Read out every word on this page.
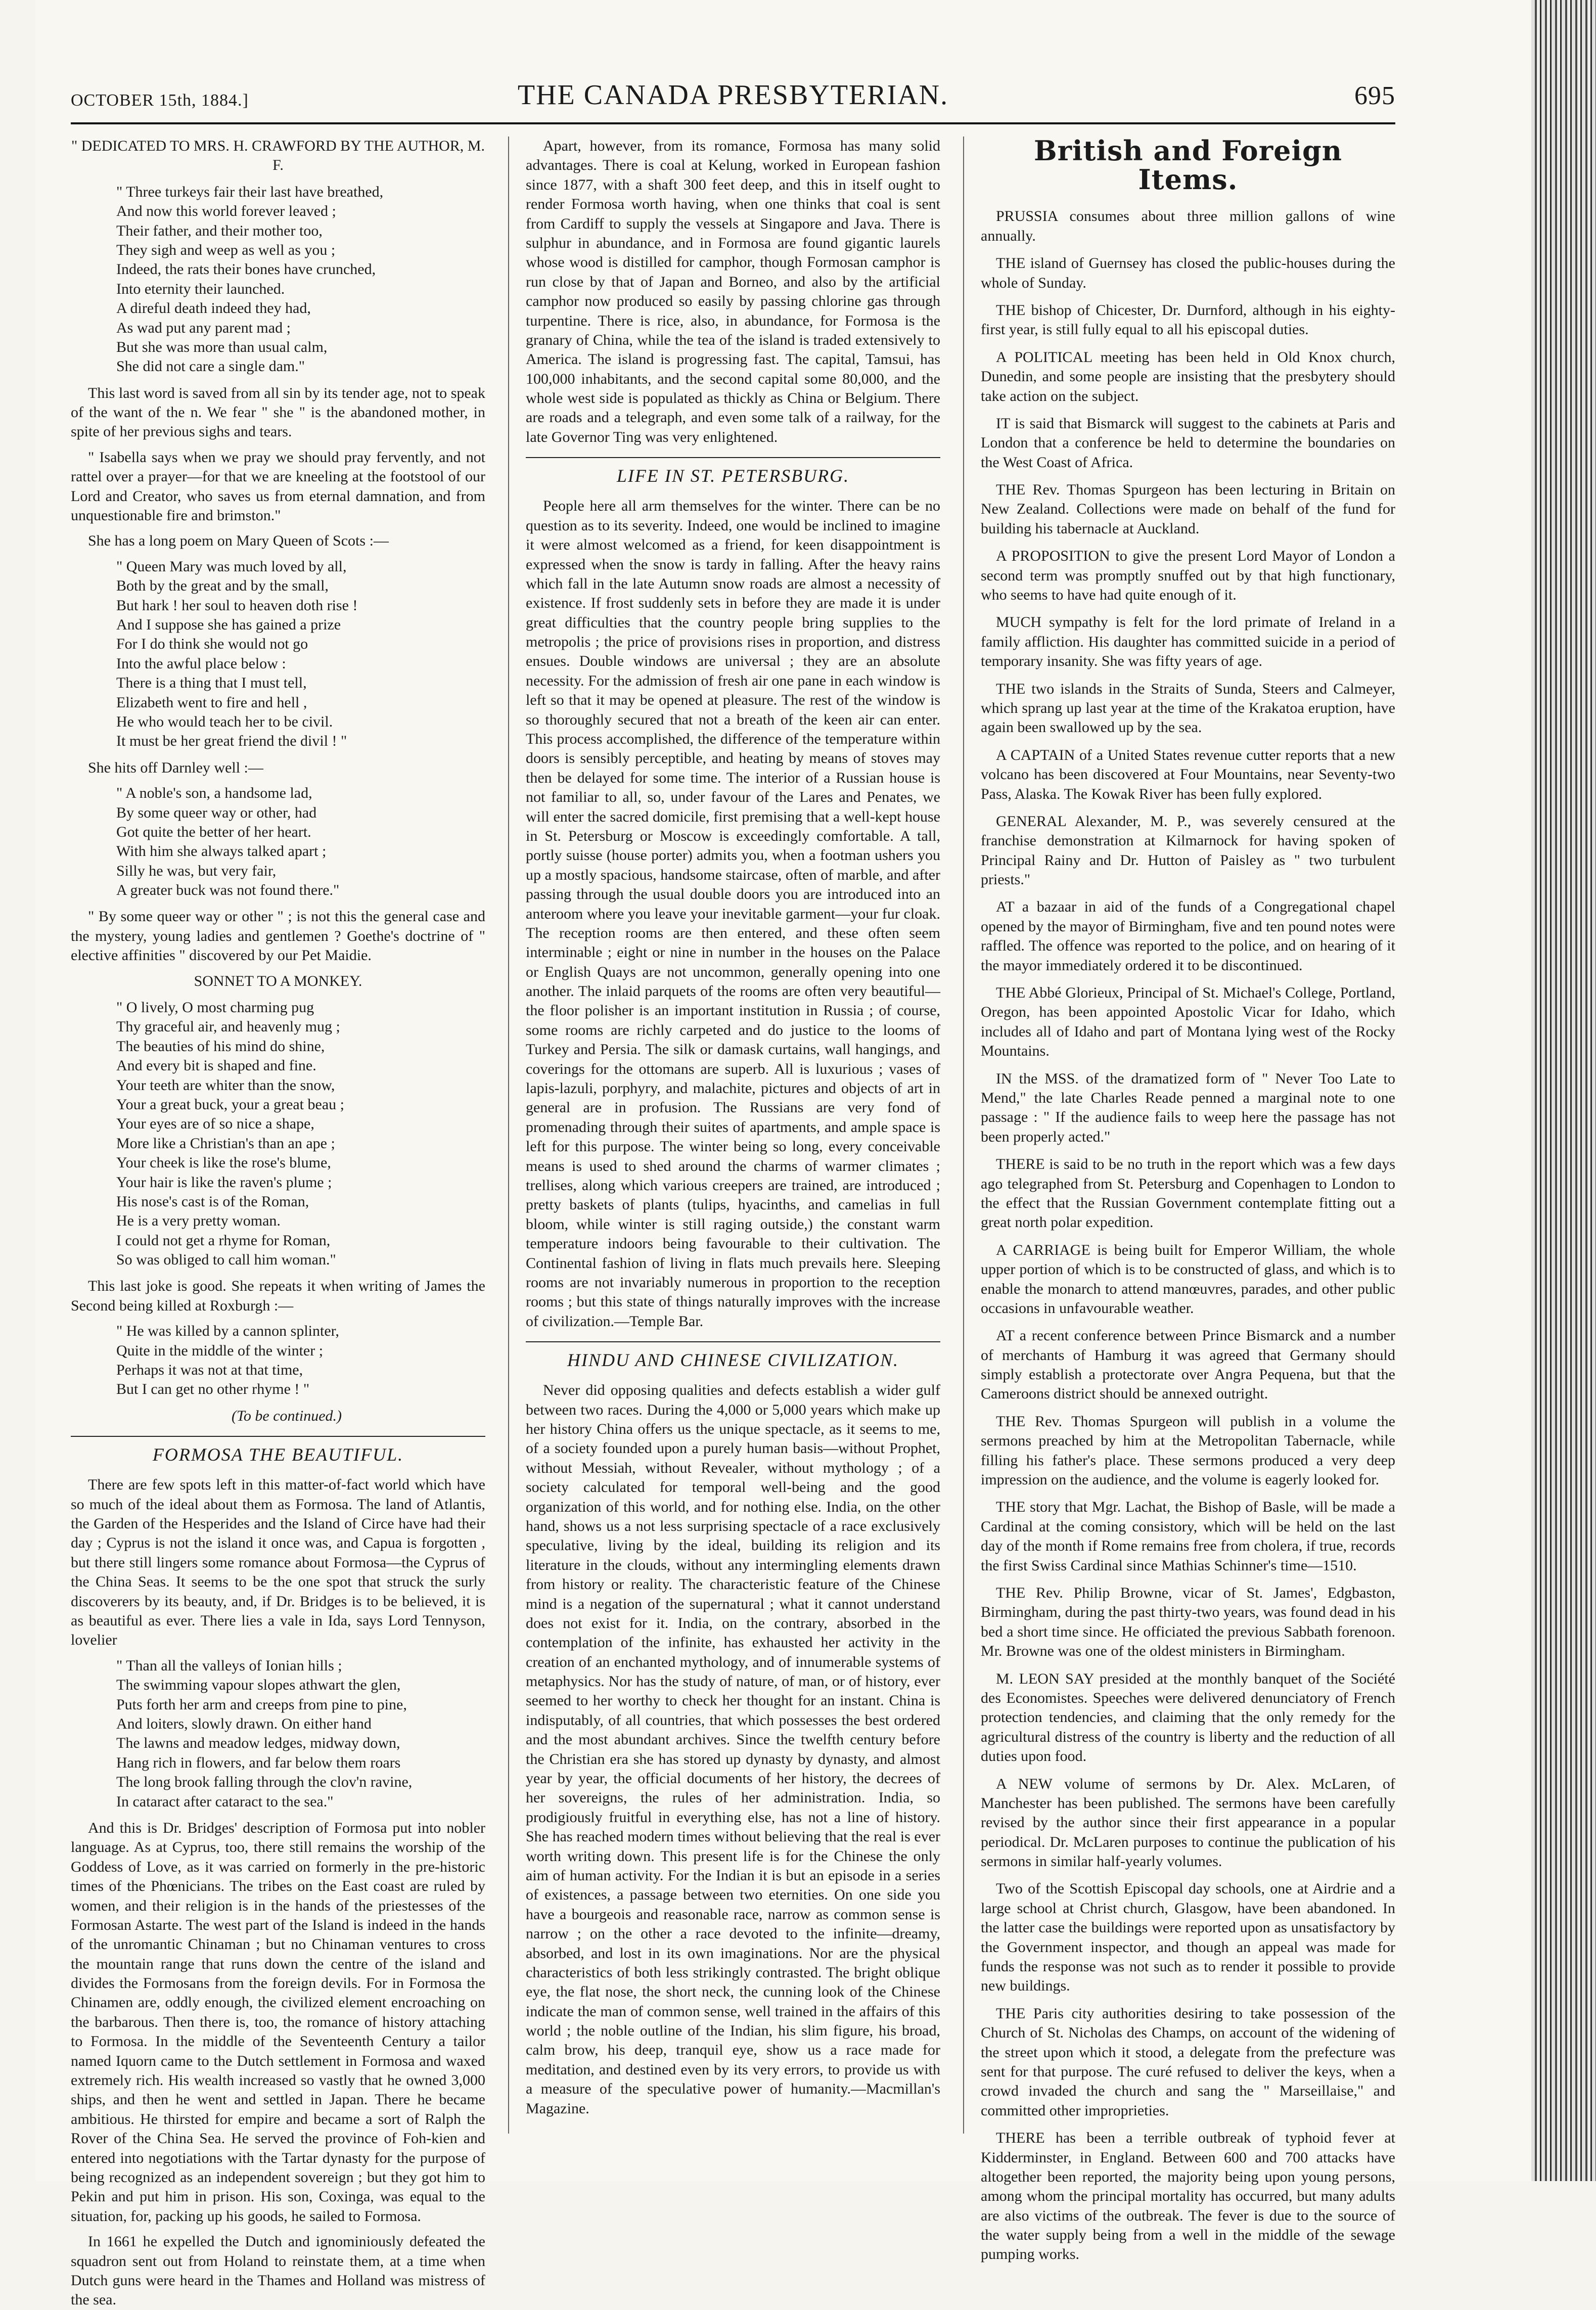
OCTOBER 15th, 1884.]	THE CANADA PRESBYTERIAN.	695

" DEDICATED TO MRS. H. CRAWFORD BY THE AUTHOR, M. F.

" Three turkeys fair their last have breathed,
And now this world forever leaved ;
Their father, and their mother too,
They sigh and weep as well as you ;
Indeed, the rats their bones have crunched,
Into eternity their launched.
A direful death indeed they had,
As wad put any parent mad ;
But she was more than usual calm,
She did not care a single dam."

This last word is saved from all sin by its tender age, not to speak of the want of the n. We fear " she " is the abandoned mother, in spite of her previous sighs and tears.

" Isabella says when we pray we should pray fervently, and not rattel over a prayer—for that we are kneeling at the footstool of our Lord and Creator, who saves us from eternal damnation, and from unquestionable fire and brimston."

She has a long poem on Mary Queen of Scots :—

" Queen Mary was much loved by all,
Both by the great and by the small,
But hark ! her soul to heaven doth rise !
And I suppose she has gained a prize
For I do think she would not go
Into the awful place below :
There is a thing that I must tell,
Elizabeth went to fire and hell ,
He who would teach her to be civil.
It must be her great friend the divil ! "

She hits off Darnley well :—

" A noble's son, a handsome lad,
By some queer way or other, had
Got quite the better of her heart.
With him she always talked apart ;
Silly he was, but very fair,
A greater buck was not found there."

" By some queer way or other " ; is not this the general case and the mystery, young ladies and gentlemen ? Goethe's doctrine of " elective affinities " discovered by our Pet Maidie.

SONNET TO A MONKEY.

" O lively, O most charming pug
Thy graceful air, and heavenly mug ;
The beauties of his mind do shine,
And every bit is shaped and fine.
Your teeth are whiter than the snow,
Your a great buck, your a great beau ;
Your eyes are of so nice a shape,
More like a Christian's than an ape ;
Your cheek is like the rose's blume,
Your hair is like the raven's plume ;
His nose's cast is of the Roman,
He is a very pretty woman.
I could not get a rhyme for Roman,
So was obliged to call him woman."

This last joke is good. She repeats it when writing of James the Second being killed at Roxburgh :—

" He was killed by a cannon splinter,
Quite in the middle of the winter ;
Perhaps it was not at that time,
But I can get no other rhyme ! "

(To be continued.)

FORMOSA THE BEAUTIFUL.

There are few spots left in this matter-of-fact world which have so much of the ideal about them as Formosa. The land of Atlantis, the Garden of the Hesperides and the Island of Circe have had their day ; Cyprus is not the island it once was, and Capua is forgotten , but there still lingers some romance about Formosa—the Cyprus of the China Seas. It seems to be the one spot that struck the surly discoverers by its beauty, and, if Dr. Bridges is to be believed, it is as beautiful as ever. There lies a vale in Ida, says Lord Tennyson, lovelier

" Than all the valleys of Ionian hills ;
The swimming vapour slopes athwart the glen,
Puts forth her arm and creeps from pine to pine,
And loiters, slowly drawn. On either hand
The lawns and meadow ledges, midway down,
Hang rich in flowers, and far below them roars
The long brook falling through the clov'n ravine,
In cataract after cataract to the sea."

And this is Dr. Bridges' description of Formosa put into nobler language. As at Cyprus, too, there still remains the worship of the Goddess of Love, as it was carried on formerly in the pre-historic times of the Phœnicians. The tribes on the East coast are ruled by women, and their religion is in the hands of the priestesses of the Formosan Astarte. The west part of the Island is indeed in the hands of the unromantic Chinaman ; but no Chinaman ventures to cross the mountain range that runs down the centre of the island and divides the Formosans from the foreign devils. For in Formosa the Chinamen are, oddly enough, the civilized element encroaching on the barbarous. Then there is, too, the romance of history attaching to Formosa. In the middle of the Seventeenth Century a tailor named Iquorn came to the Dutch settlement in Formosa and waxed extremely rich. His wealth increased so vastly that he owned 3,000 ships, and then he went and settled in Japan. There he became ambitious. He thirsted for empire and became a sort of Ralph the Rover of the China Sea. He served the province of Foh-kien and entered into negotiations with the Tartar dynasty for the purpose of being recognized as an independent sovereign ; but they got him to Pekin and put him in prison. His son, Coxinga, was equal to the situation, for, packing up his goods, he sailed to Formosa.

In 1661 he expelled the Dutch and ignominiously defeated the squadron sent out from Holand to reinstate them, at a time when Dutch guns were heard in the Thames and Holland was mistress of the sea.

Apart, however, from its romance, Formosa has many solid advantages. There is coal at Kelung, worked in European fashion since 1877, with a shaft 300 feet deep, and this in itself ought to render Formosa worth having, when one thinks that coal is sent from Cardiff to supply the vessels at Singapore and Java. There is sulphur in abundance, and in Formosa are found gigantic laurels whose wood is distilled for camphor, though Formosan camphor is run close by that of Japan and Borneo, and also by the artificial camphor now produced so easily by passing chlorine gas through turpentine. There is rice, also, in abundance, for Formosa is the granary of China, while the tea of the island is traded extensively to America. The island is progressing fast. The capital, Tamsui, has 100,000 inhabitants, and the second capital some 80,000, and the whole west side is populated as thickly as China or Belgium. There are roads and a telegraph, and even some talk of a railway, for the late Governor Ting was very enlightened.

LIFE IN ST. PETERSBURG.

People here all arm themselves for the winter. There can be no question as to its severity. Indeed, one would be inclined to imagine it were almost welcomed as a friend, for keen disappointment is expressed when the snow is tardy in falling. After the heavy rains which fall in the late Autumn snow roads are almost a necessity of existence. If frost suddenly sets in before they are made it is under great difficulties that the country people bring supplies to the metropolis ; the price of provisions rises in proportion, and distress ensues. Double windows are universal ; they are an absolute necessity. For the admission of fresh air one pane in each window is left so that it may be opened at pleasure. The rest of the window is so thoroughly secured that not a breath of the keen air can enter. This process accomplished, the difference of the temperature within doors is sensibly perceptible, and heating by means of stoves may then be delayed for some time. The interior of a Russian house is not familiar to all, so, under favour of the Lares and Penates, we will enter the sacred domicile, first premising that a well-kept house in St. Petersburg or Moscow is exceedingly comfortable. A tall, portly suisse (house porter) admits you, when a footman ushers you up a mostly spacious, handsome staircase, often of marble, and after passing through the usual double doors you are introduced into an anteroom where you leave your inevitable garment—your fur cloak. The reception rooms are then entered, and these often seem interminable ; eight or nine in number in the houses on the Palace or English Quays are not uncommon, generally opening into one another. The inlaid parquets of the rooms are often very beautiful—the floor polisher is an important institution in Russia ; of course, some rooms are richly carpeted and do justice to the looms of Turkey and Persia. The silk or damask curtains, wall hangings, and coverings for the ottomans are superb. All is luxurious ; vases of lapis-lazuli, porphyry, and malachite, pictures and objects of art in general are in profusion. The Russians are very fond of promenading through their suites of apartments, and ample space is left for this purpose. The winter being so long, every conceivable means is used to shed around the charms of warmer climates ; trellises, along which various creepers are trained, are introduced ; pretty baskets of plants (tulips, hyacinths, and camelias in full bloom, while winter is still raging outside,) the constant warm temperature indoors being favourable to their cultivation. The Continental fashion of living in flats much prevails here. Sleeping rooms are not invariably numerous in proportion to the reception rooms ; but this state of things naturally improves with the increase of civilization.—Temple Bar.

HINDU AND CHINESE CIVILIZATION.

Never did opposing qualities and defects establish a wider gulf between two races. During the 4,000 or 5,000 years which make up her history China offers us the unique spectacle, as it seems to me, of a society founded upon a purely human basis—without Prophet, without Messiah, without Revealer, without mythology ; of a society calculated for temporal well-being and the good organization of this world, and for nothing else. India, on the other hand, shows us a not less surprising spectacle of a race exclusively speculative, living by the ideal, building its religion and its literature in the clouds, without any intermingling elements drawn from history or reality. The characteristic feature of the Chinese mind is a negation of the supernatural ; what it cannot understand does not exist for it. India, on the contrary, absorbed in the contemplation of the infinite, has exhausted her activity in the creation of an enchanted mythology, and of innumerable systems of metaphysics. Nor has the study of nature, of man, or of history, ever seemed to her worthy to check her thought for an instant. China is indisputably, of all countries, that which possesses the best ordered and the most abundant archives. Since the twelfth century before the Christian era she has stored up dynasty by dynasty, and almost year by year, the official documents of her history, the decrees of her sovereigns, the rules of her administration. India, so prodigiously fruitful in everything else, has not a line of history. She has reached modern times without believing that the real is ever worth writing down. This present life is for the Chinese the only aim of human activity. For the Indian it is but an episode in a series of existences, a passage between two eternities. On one side you have a bourgeois and reasonable race, narrow as common sense is narrow ; on the other a race devoted to the infinite—dreamy, absorbed, and lost in its own imaginations. Nor are the physical characteristics of both less strikingly contrasted. The bright oblique eye, the flat nose, the short neck, the cunning look of the Chinese indicate the man of common sense, well trained in the affairs of this world ; the noble outline of the Indian, his slim figure, his broad, calm brow, his deep, tranquil eye, show us a race made for meditation, and destined even by its very errors, to provide us with a measure of the speculative power of humanity.—Macmillan's Magazine.

British and Foreign Items.

PRUSSIA consumes about three million gallons of wine annually.

THE island of Guernsey has closed the public-houses during the whole of Sunday.

THE bishop of Chicester, Dr. Durnford, although in his eighty-first year, is still fully equal to all his episcopal duties.

A POLITICAL meeting has been held in Old Knox church, Dunedin, and some people are insisting that the presbytery should take action on the subject.

IT is said that Bismarck will suggest to the cabinets at Paris and London that a conference be held to determine the boundaries on the West Coast of Africa.

THE Rev. Thomas Spurgeon has been lecturing in Britain on New Zealand. Collections were made on behalf of the fund for building his tabernacle at Auckland.

A PROPOSITION to give the present Lord Mayor of London a second term was promptly snuffed out by that high functionary, who seems to have had quite enough of it.

MUCH sympathy is felt for the lord primate of Ireland in a family affliction. His daughter has committed suicide in a period of temporary insanity. She was fifty years of age.

THE two islands in the Straits of Sunda, Steers and Calmeyer, which sprang up last year at the time of the Krakatoa eruption, have again been swallowed up by the sea.

A CAPTAIN of a United States revenue cutter reports that a new volcano has been discovered at Four Mountains, near Seventy-two Pass, Alaska. The Kowak River has been fully explored.

GENERAL Alexander, M. P., was severely censured at the franchise demonstration at Kilmarnock for having spoken of Principal Rainy and Dr. Hutton of Paisley as " two turbulent priests."

AT a bazaar in aid of the funds of a Congregational chapel opened by the mayor of Birmingham, five and ten pound notes were raffled. The offence was reported to the police, and on hearing of it the mayor immediately ordered it to be discontinued.

THE Abbé Glorieux, Principal of St. Michael's College, Portland, Oregon, has been appointed Apostolic Vicar for Idaho, which includes all of Idaho and part of Montana lying west of the Rocky Mountains.

IN the MSS. of the dramatized form of " Never Too Late to Mend," the late Charles Reade penned a marginal note to one passage : " If the audience fails to weep here the passage has not been properly acted."

THERE is said to be no truth in the report which was a few days ago telegraphed from St. Petersburg and Copenhagen to London to the effect that the Russian Government contemplate fitting out a great north polar expedition.

A CARRIAGE is being built for Emperor William, the whole upper portion of which is to be constructed of glass, and which is to enable the monarch to attend manœuvres, parades, and other public occasions in unfavourable weather.

AT a recent conference between Prince Bismarck and a number of merchants of Hamburg it was agreed that Germany should simply establish a protectorate over Angra Pequena, but that the Cameroons district should be annexed outright.

THE Rev. Thomas Spurgeon will publish in a volume the sermons preached by him at the Metropolitan Tabernacle, while filling his father's place. These sermons produced a very deep impression on the audience, and the volume is eagerly looked for.

THE story that Mgr. Lachat, the Bishop of Basle, will be made a Cardinal at the coming consistory, which will be held on the last day of the month if Rome remains free from cholera, if true, records the first Swiss Cardinal since Mathias Schinner's time—1510.

THE Rev. Philip Browne, vicar of St. James', Edgbaston, Birmingham, during the past thirty-two years, was found dead in his bed a short time since. He officiated the previous Sabbath forenoon. Mr. Browne was one of the oldest ministers in Birmingham.

M. LEON SAY presided at the monthly banquet of the Société des Economistes. Speeches were delivered denunciatory of French protection tendencies, and claiming that the only remedy for the agricultural distress of the country is liberty and the reduction of all duties upon food.

A NEW volume of sermons by Dr. Alex. McLaren, of Manchester has been published. The sermons have been carefully revised by the author since their first appearance in a popular periodical. Dr. McLaren purposes to continue the publication of his sermons in similar half-yearly volumes.

Two of the Scottish Episcopal day schools, one at Airdrie and a large school at Christ church, Glasgow, have been abandoned. In the latter case the buildings were reported upon as unsatisfactory by the Government inspector, and though an appeal was made for funds the response was not such as to render it possible to provide new buildings.

THE Paris city authorities desiring to take possession of the Church of St. Nicholas des Champs, on account of the widening of the street upon which it stood, a delegate from the prefecture was sent for that purpose. The curé refused to deliver the keys, when a crowd invaded the church and sang the " Marseillaise," and committed other improprieties.

THERE has been a terrible outbreak of typhoid fever at Kidderminster, in England. Between 600 and 700 attacks have altogether been reported, the majority being upon young persons, among whom the principal mortality has occurred, but many adults are also victims of the outbreak. The fever is due to the source of the water supply being from a well in the middle of the sewage pumping works.
